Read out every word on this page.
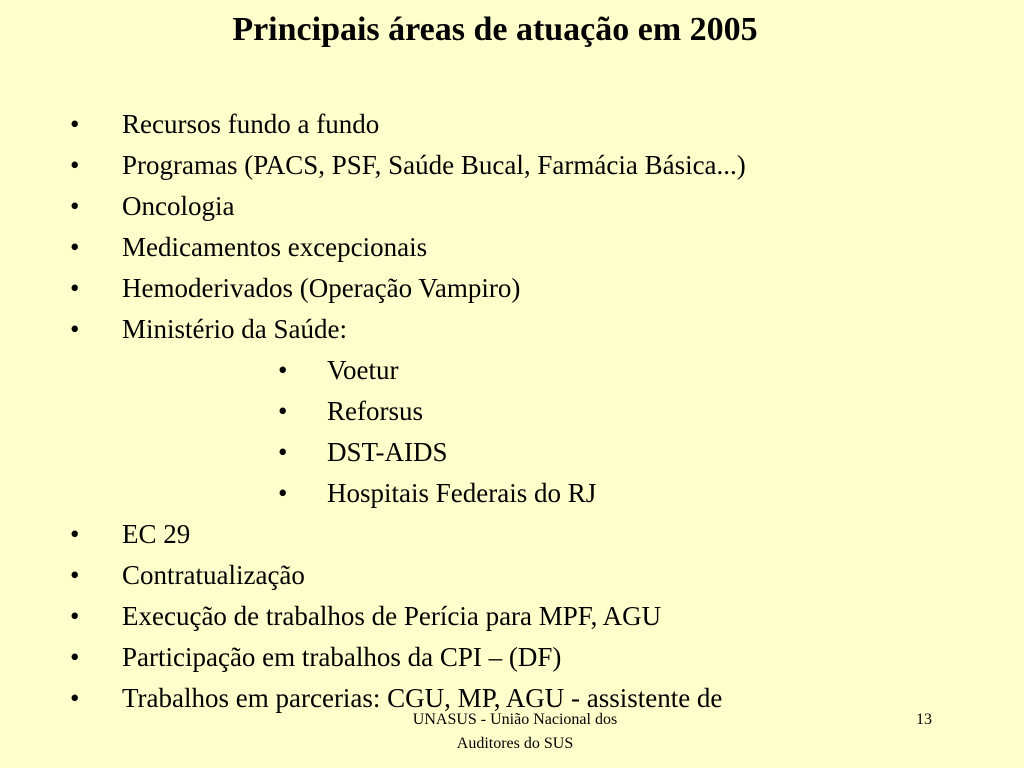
Principais áreas de atuação em 2005
• Recursos fundo a fundo
• Programas (PACS, PSF, Saúde Bucal, Farmácia Básica...)
• Oncologia
• Medicamentos excepcionais
• Hemoderivados (Operação Vampiro)
• Ministério da Saúde:
• Voetur
• Reforsus
• DST-AIDS
• Hospitais Federais do RJ
• EC 29
• Contratualização
• Execução de trabalhos de Perícia para MPF, AGU
• Participação em trabalhos da CPI – (DF)
• Trabalhos em parcerias: CGU, MP, AGU - assistente de
UNASUS - União Nacional dos
Auditores do SUS
13
